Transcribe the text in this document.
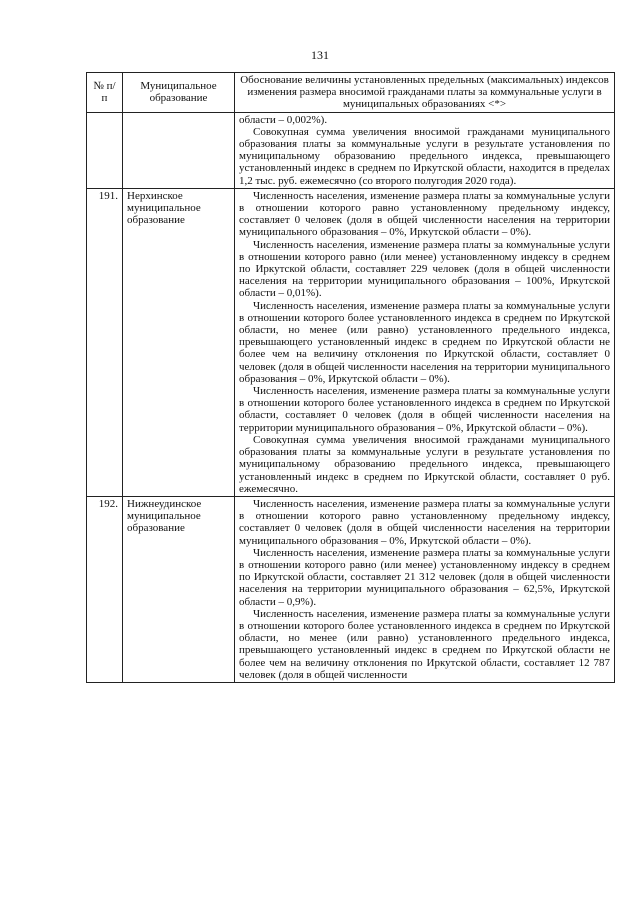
131
№ п/п	Муниципальное образование	Обоснование величины установленных предельных (максимальных) индексов изменения размера вносимой гражданами платы за коммунальные услуги в муниципальных образованиях <*>

		области – 0,002%).

Совокупная сумма увеличения вносимой гражданами муниципального образования платы за коммунальные услуги в результате установления по муниципальному образованию предельного индекса, превышающего установленный индекс в среднем по Иркутской области, находится в пределах 1,2 тыс. руб. ежемесячно (со второго полугодия 2020 года).

191.	Нерхинское муниципальное образование	Численность населения, изменение размера платы за коммунальные услуги в отношении которого равно установленному предельному индексу, составляет 0 человек (доля в общей численности населения на территории муниципального образования – 0%, Иркутской области – 0%).

Численность населения, изменение размера платы за коммунальные услуги в отношении которого равно (или менее) установленному индексу в среднем по Иркутской области, составляет 229 человек (доля в общей численности населения на территории муниципального образования – 100%, Иркутской области – 0,01%).

Численность населения, изменение размера платы за коммунальные услуги в отношении которого более установленного индекса в среднем по Иркутской области, но менее (или равно) установленного предельного индекса, превышающего установленный индекс в среднем по Иркутской области не более чем на величину отклонения по Иркутской области, составляет 0 человек (доля в общей численности населения на территории муниципального образования – 0%, Иркутской области – 0%).

Численность населения, изменение размера платы за коммунальные услуги в отношении которого более установленного индекса в среднем по Иркутской области, составляет 0 человек (доля в общей численности населения на территории муниципального образования – 0%, Иркутской области – 0%).

Совокупная сумма увеличения вносимой гражданами муниципального образования платы за коммунальные услуги в результате установления по муниципальному образованию предельного индекса, превышающего установленный индекс в среднем по Иркутской области, составляет 0 руб. ежемесячно.

192.	Нижнеудинское муниципальное образование	Численность населения, изменение размера платы за коммунальные услуги в отношении которого равно установленному предельному индексу, составляет 0 человек (доля в общей численности населения на территории муниципального образования – 0%, Иркутской области – 0%).

Численность населения, изменение размера платы за коммунальные услуги в отношении которого равно (или менее) установленному индексу в среднем по Иркутской области, составляет 21 312 человек (доля в общей численности населения на территории муниципального образования – 62,5%, Иркутской области – 0,9%).

Численность населения, изменение размера платы за коммунальные услуги в отношении которого более установленного индекса в среднем по Иркутской области, но менее (или равно) установленного предельного индекса, превышающего установленный индекс в среднем по Иркутской области не более чем на величину отклонения по Иркутской области, составляет 12 787 человек (доля в общей численности
